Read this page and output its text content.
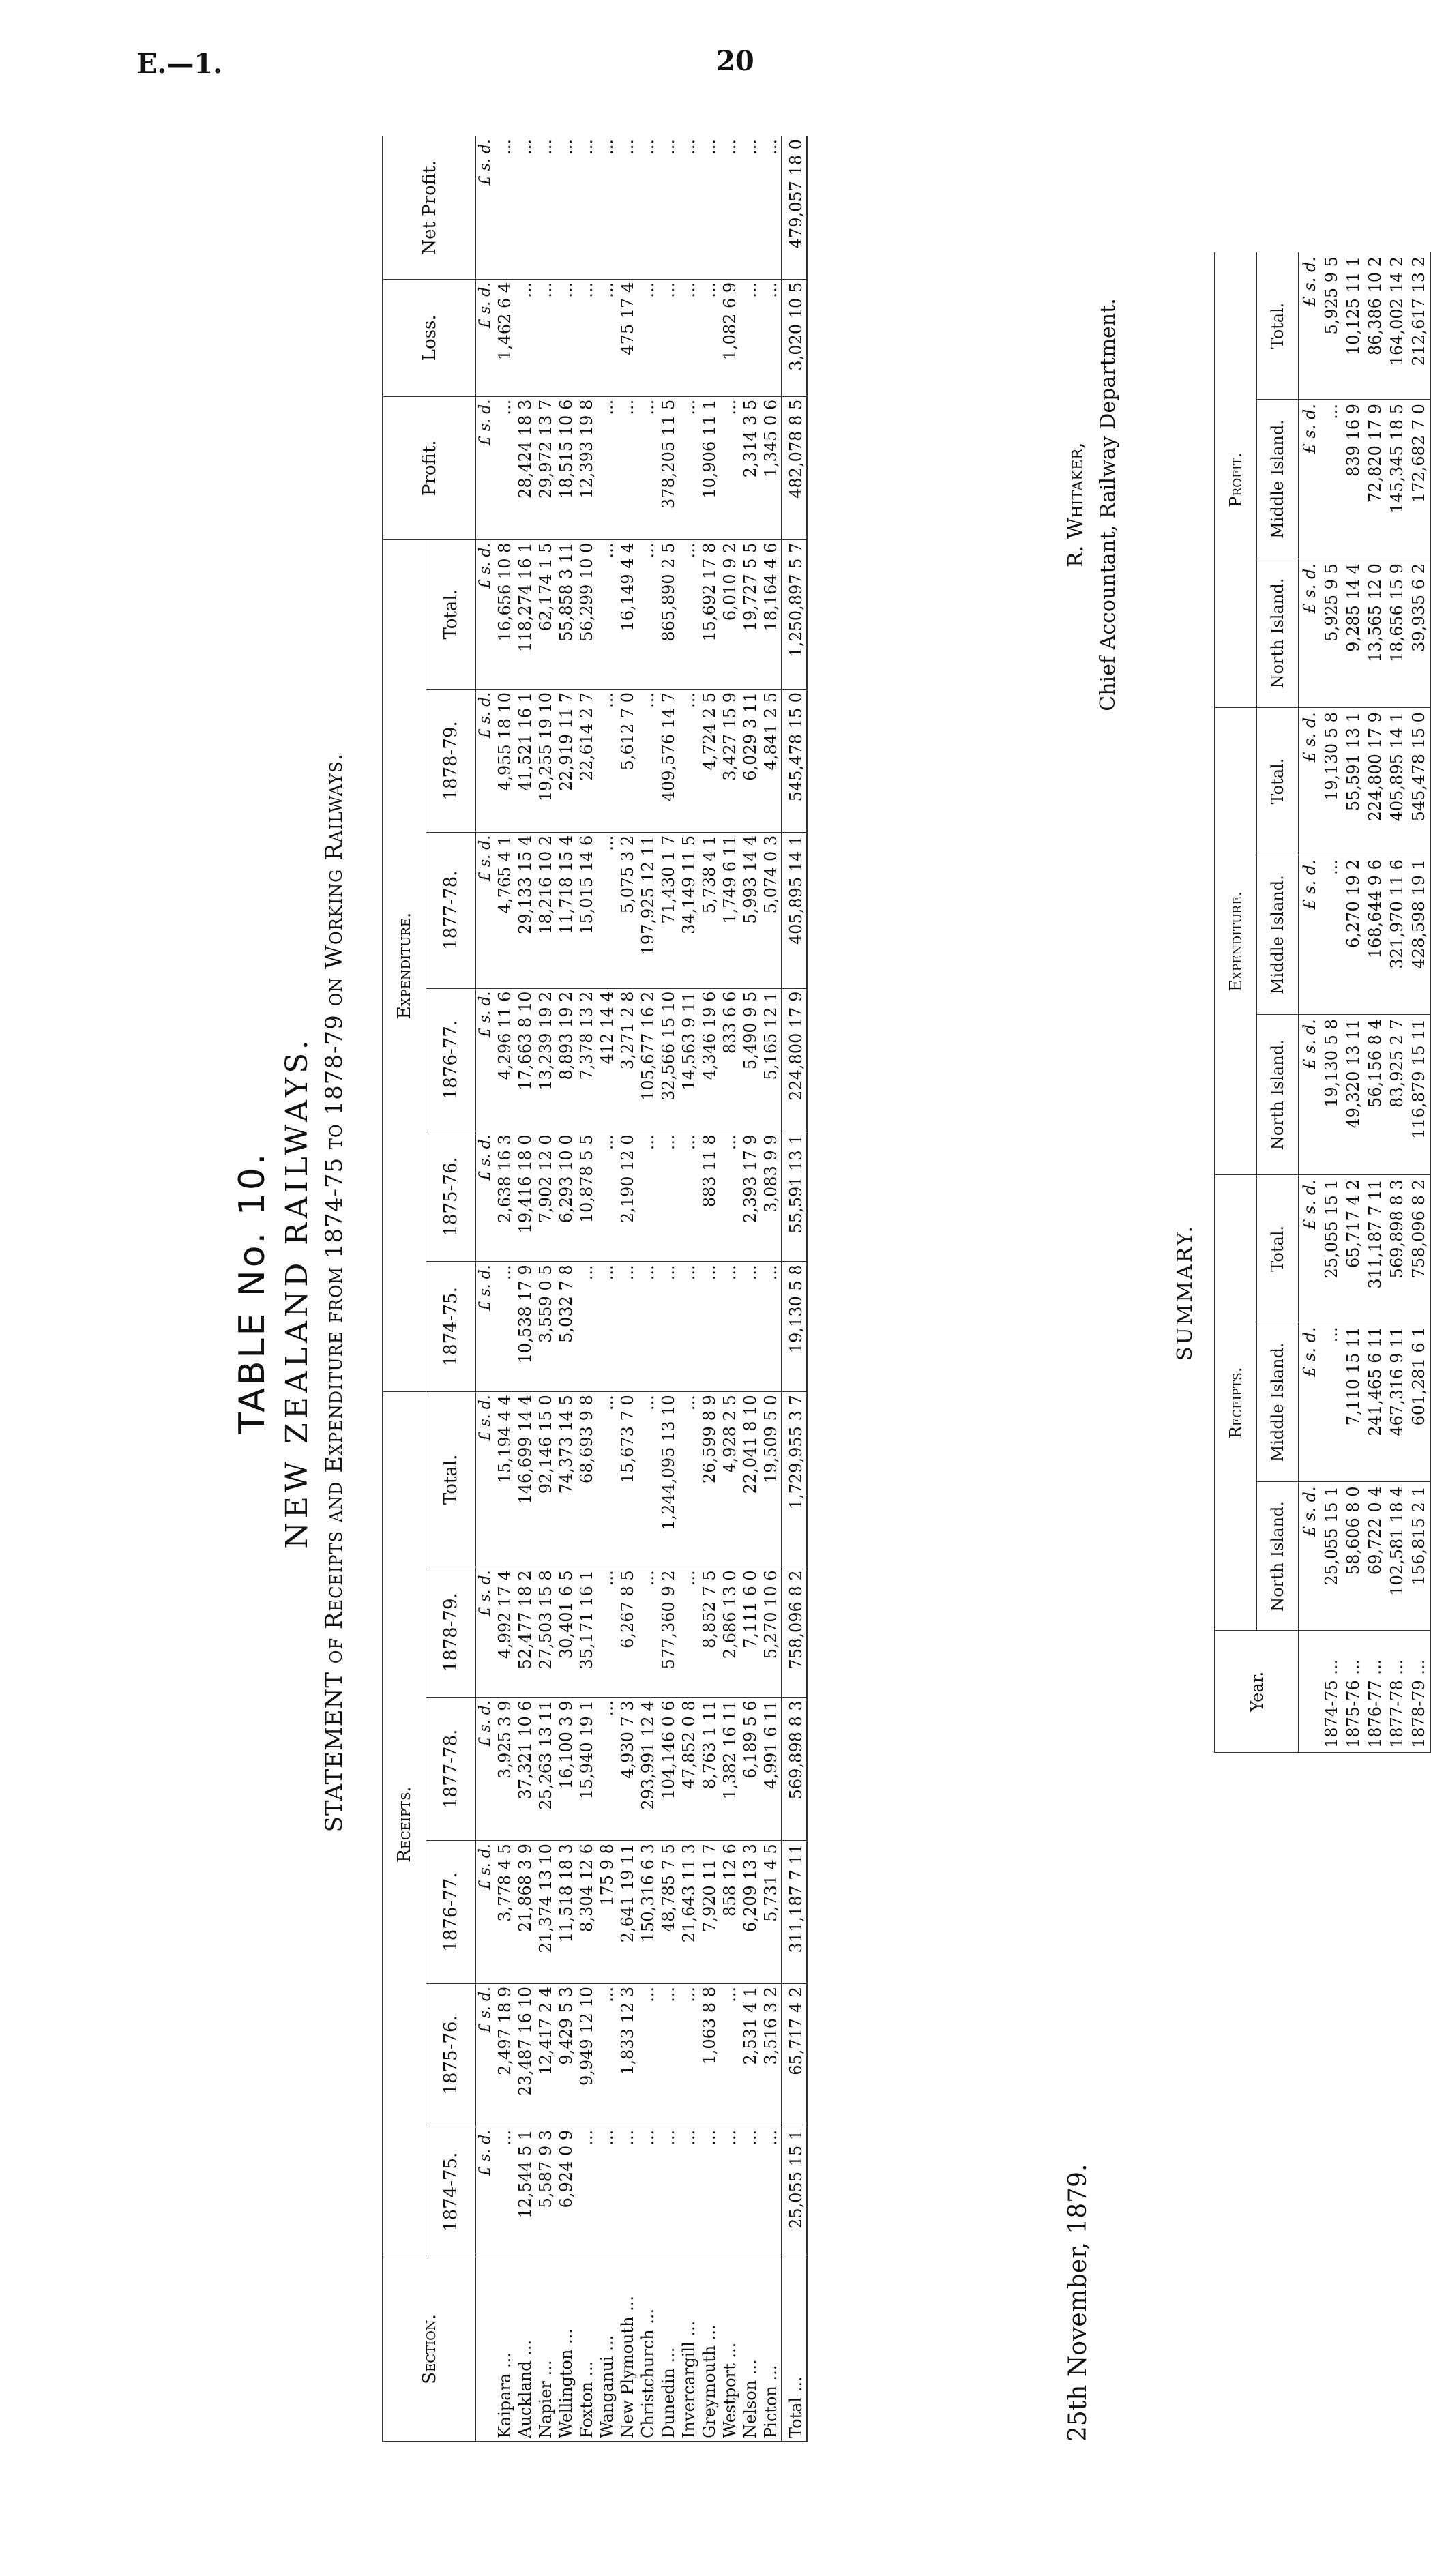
E.—1.	20
TABLE No. 10. NEW ZEALAND RAILWAYS. STATEMENT of Receipts and Expenditure from 1874-75 to 1878-79 on Working Railways.
Section.	Receipts.						Expenditure.						Profit.	Loss.	Net Profit.
	1874-75.	1875-76.	1876-77.	1877-78.	1878-79.	Total.	1874-75.	1875-76.	1876-77.	1877-78.	1878-79.	Total.			
	£ s. d.	£ s. d.	£ s. d.	£ s. d.	£ s. d.	£ s. d.	£ s. d.	£ s. d.	£ s. d.	£ s. d.	£ s. d.	£ s. d.	£ s. d.	£ s. d.	£ s. d.
Kaipara ...	...	2,497 18 9	3,778 4 5	3,925 3 9	4,992 17 4	15,194 4 4	...	2,638 16 3	4,296 11 6	4,765 4 1	4,955 18 10	16,656 10 8	...	1,462 6 4	...
Auckland ...	12,544 5 1	23,487 16 10	21,868 3 9	37,321 10 6	52,477 18 2	146,699 14 4	10,538 17 9	19,416 18 0	17,663 8 10	29,133 15 4	41,521 16 1	118,274 16 1	28,424 18 3	...	...
Napier ...	5,587 9 3	12,417 2 4	21,374 13 10	25,263 13 11	27,503 15 8	92,146 15 0	3,559 0 5	7,902 12 0	13,239 19 2	18,216 10 2	19,255 19 10	62,174 1 5	29,972 13 7	...	...
Wellington ...	6,924 0 9	9,429 5 3	11,518 18 3	16,100 3 9	30,401 6 5	74,373 14 5	5,032 7 8	6,293 10 0	8,893 19 2	11,718 15 4	22,919 11 7	55,858 3 11	18,515 10 6	...	...
Foxton ...	...	9,949 12 10	8,304 12 6	15,940 19 1	35,171 16 1	68,693 9 8	...	10,878 5 5	7,378 13 2	15,015 14 6	22,614 2 7	56,299 10 0	12,393 19 8	...	...
Wanganui ...	...	...	175 9 8	...	...	...	...	...	412 14 4	...	...	...	...	...	...
New Plymouth ...	...	1,833 12 3	2,641 19 11	4,930 7 3	6,267 8 5	15,673 7 0	...	2,190 12 0	3,271 2 8	5,075 3 2	5,612 7 0	16,149 4 4	...	475 17 4	...
Christchurch ...	...	...	150,316 6 3	293,991 12 4	...	...	...	...	105,677 16 2	197,925 12 11	...	...	...	...	...
Dunedin ...	...	...	48,785 7 5	104,146 0 6	577,360 9 2	1,244,095 13 10	...	...	32,566 15 10	71,430 1 7	409,576 14 7	865,890 2 5	378,205 11 5	...	...
Invercargill ...	...	...	21,643 11 3	47,852 0 8	...	...	...	...	14,563 9 11	34,149 11 5	...	...	...	...	...
Greymouth ...	...	1,063 8 8	7,920 11 7	8,763 1 11	8,852 7 5	26,599 8 9	...	883 11 8	4,346 19 6	5,738 4 1	4,724 2 5	15,692 17 8	10,906 11 1	...	...
Westport ...	...	...	858 12 6	1,382 16 11	2,686 13 0	4,928 2 5	...	...	833 6 6	1,749 6 11	3,427 15 9	6,010 9 2	...	1,082 6 9	...
Nelson ...	...	2,531 4 1	6,209 13 3	6,189 5 6	7,111 6 0	22,041 8 10	...	2,393 17 9	5,490 9 5	5,993 14 4	6,029 3 11	19,727 5 5	2,314 3 5	...	...
Picton ...	...	3,516 3 2	5,731 4 5	4,991 6 11	5,270 10 6	19,509 5 0	...	3,083 9 9	5,165 12 1	5,074 0 3	4,841 2 5	18,164 4 6	1,345 0 6	...	...
Total ...	25,055 15 1	65,717 4 2	311,187 7 11	569,898 8 3	758,096 8 2	1,729,955 3 7	19,130 5 8	55,591 13 1	224,800 17 9	405,895 14 1	545,478 15 0	1,250,897 5 7	482,078 8 5	3,020 10 5	479,057 18 0
25th November, 1879.
R. Whitaker, Chief Accountant, Railway Department.
SUMMARY.
Year.	Receipts.			Expenditure.			Profit.		
	North Island.	Middle Island.	Total.	North Island.	Middle Island.	Total.	North Island.	Middle Island.	Total.
	£ s. d.	£ s. d.	£ s. d.	£ s. d.	£ s. d.	£ s. d.	£ s. d.	£ s. d.	£ s. d.
1874-75 ...	25,055 15 1	...	25,055 15 1	19,130 5 8	...	19,130 5 8	5,925 9 5	...	5,925 9 5
1875-76 ...	58,606 8 0	7,110 15 11	65,717 4 2	49,320 13 11	6,270 19 2	55,591 13 1	9,285 14 4	839 16 9	10,125 11 1
1876-77 ...	69,722 0 4	241,465 6 11	311,187 7 11	56,156 8 4	168,644 9 6	224,800 17 9	13,565 12 0	72,820 17 9	86,386 10 2
1877-78 ...	102,581 18 4	467,316 9 11	569,898 8 3	83,925 2 7	321,970 11 6	405,895 14 1	18,656 15 9	145,345 18 5	164,002 14 2
1878-79 ...	156,815 2 1	601,281 6 1	758,096 8 2	116,879 15 11	428,598 19 1	545,478 15 0	39,935 6 2	172,682 7 0	212,617 13 2
